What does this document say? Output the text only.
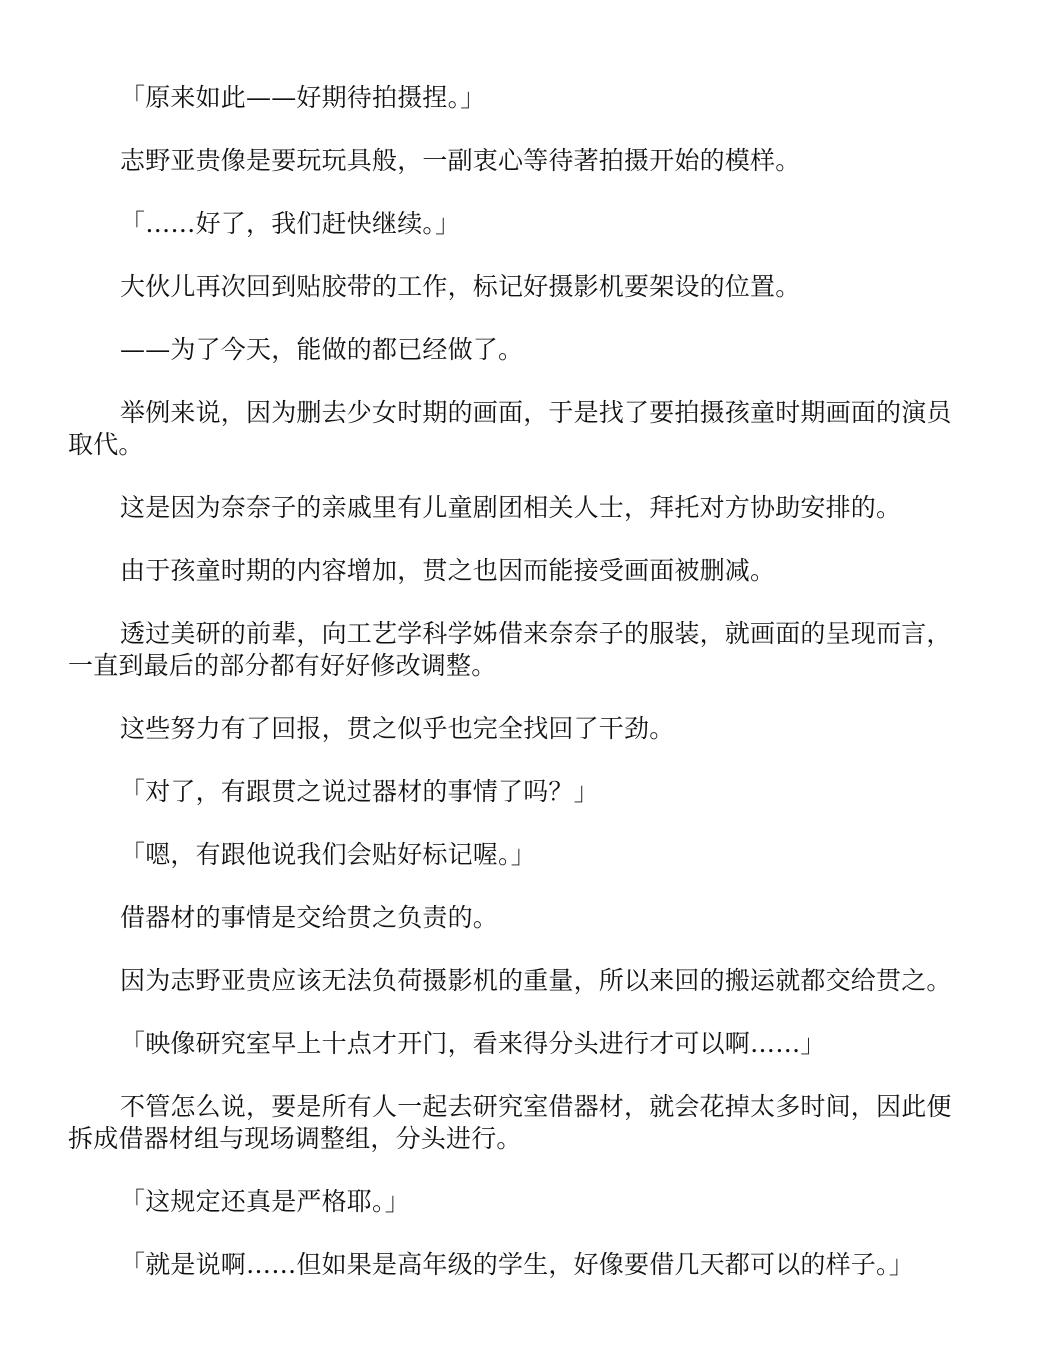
「原来如此——好期待拍摄捏。」

志野亚贵像是要玩玩具般，一副衷心等待著拍摄开始的模样。

「……好了，我们赶快继续。」

大伙儿再次回到贴胶带的工作，标记好摄影机要架设的位置。

——为了今天，能做的都已经做了。

举例来说，因为删去少女时期的画面，于是找了要拍摄孩童时期画面的演员取代。

这是因为奈奈子的亲戚里有儿童剧团相关人士，拜托对方协助安排的。

由于孩童时期的内容增加，贯之也因而能接受画面被删减。

透过美研的前辈，向工艺学科学姊借来奈奈子的服装，就画面的呈现而言，一直到最后的部分都有好好修改调整。

这些努力有了回报，贯之似乎也完全找回了干劲。

「对了，有跟贯之说过器材的事情了吗？」

「嗯，有跟他说我们会贴好标记喔。」

借器材的事情是交给贯之负责的。

因为志野亚贵应该无法负荷摄影机的重量，所以来回的搬运就都交给贯之。

「映像研究室早上十点才开门，看来得分头进行才可以啊……」

不管怎么说，要是所有人一起去研究室借器材，就会花掉太多时间，因此便拆成借器材组与现场调整组，分头进行。

「这规定还真是严格耶。」

「就是说啊……但如果是高年级的学生，好像要借几天都可以的样子。」
